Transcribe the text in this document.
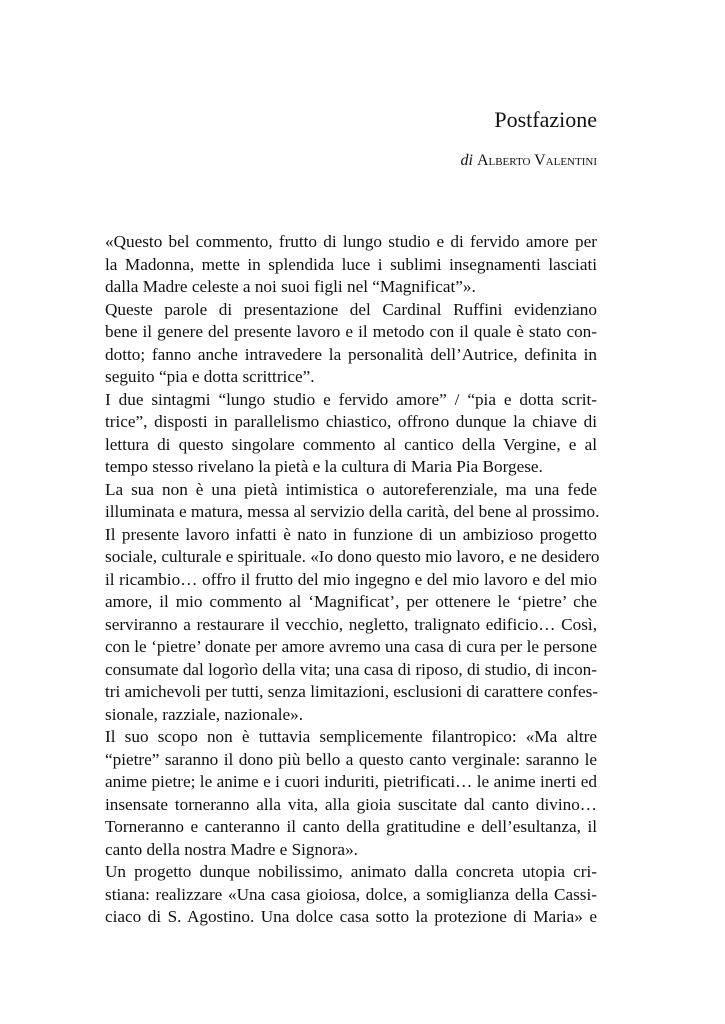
Postfazione
di Alberto Valentini

«Questo bel commento, frutto di lungo studio e di fervido amore per
la Madonna, mette in splendida luce i sublimi insegnamenti lasciati
dalla Madre celeste a noi suoi figli nel “Magnificat”».

Queste parole di presentazione del Cardinal Ruffini evidenziano
bene il genere del presente lavoro e il metodo con il quale è stato con-
dotto; fanno anche intravedere la personalità dell’Autrice, definita in
seguito “pia e dotta scrittrice”.

I due sintagmi “lungo studio e fervido amore” / “pia e dotta scrit-
trice”, disposti in parallelismo chiastico, offrono dunque la chiave di
lettura di questo singolare commento al cantico della Vergine, e al
tempo stesso rivelano la pietà e la cultura di Maria Pia Borgese.

La sua non è una pietà intimistica o autoreferenziale, ma una fede
illuminata e matura, messa al servizio della carità, del bene al prossimo.

Il presente lavoro infatti è nato in funzione di un ambizioso progetto
sociale, culturale e spirituale. «Io dono questo mio lavoro, e ne desidero
il ricambio… offro il frutto del mio ingegno e del mio lavoro e del mio
amore, il mio commento al ‘Magnificat’, per ottenere le ‘pietre’ che
serviranno a restaurare il vecchio, negletto, tralignato edificio… Così,
con le ‘pietre’ donate per amore avremo una casa di cura per le persone
consumate dal logorìo della vita; una casa di riposo, di studio, di incon-
tri amichevoli per tutti, senza limitazioni, esclusioni di carattere confes-
sionale, razziale, nazionale».

Il suo scopo non è tuttavia semplicemente filantropico: «Ma altre
“pietre” saranno il dono più bello a questo canto verginale: saranno le
anime pietre; le anime e i cuori induriti, pietrificati… le anime inerti ed
insensate torneranno alla vita, alla gioia suscitate dal canto divino…
Torneranno e canteranno il canto della gratitudine e dell’esultanza, il
canto della nostra Madre e Signora».

Un progetto dunque nobilissimo, animato dalla concreta utopia cri-
stiana: realizzare «Una casa gioiosa, dolce, a somiglianza della Cassi-
ciaco di S. Agostino. Una dolce casa sotto la protezione di Maria» e
